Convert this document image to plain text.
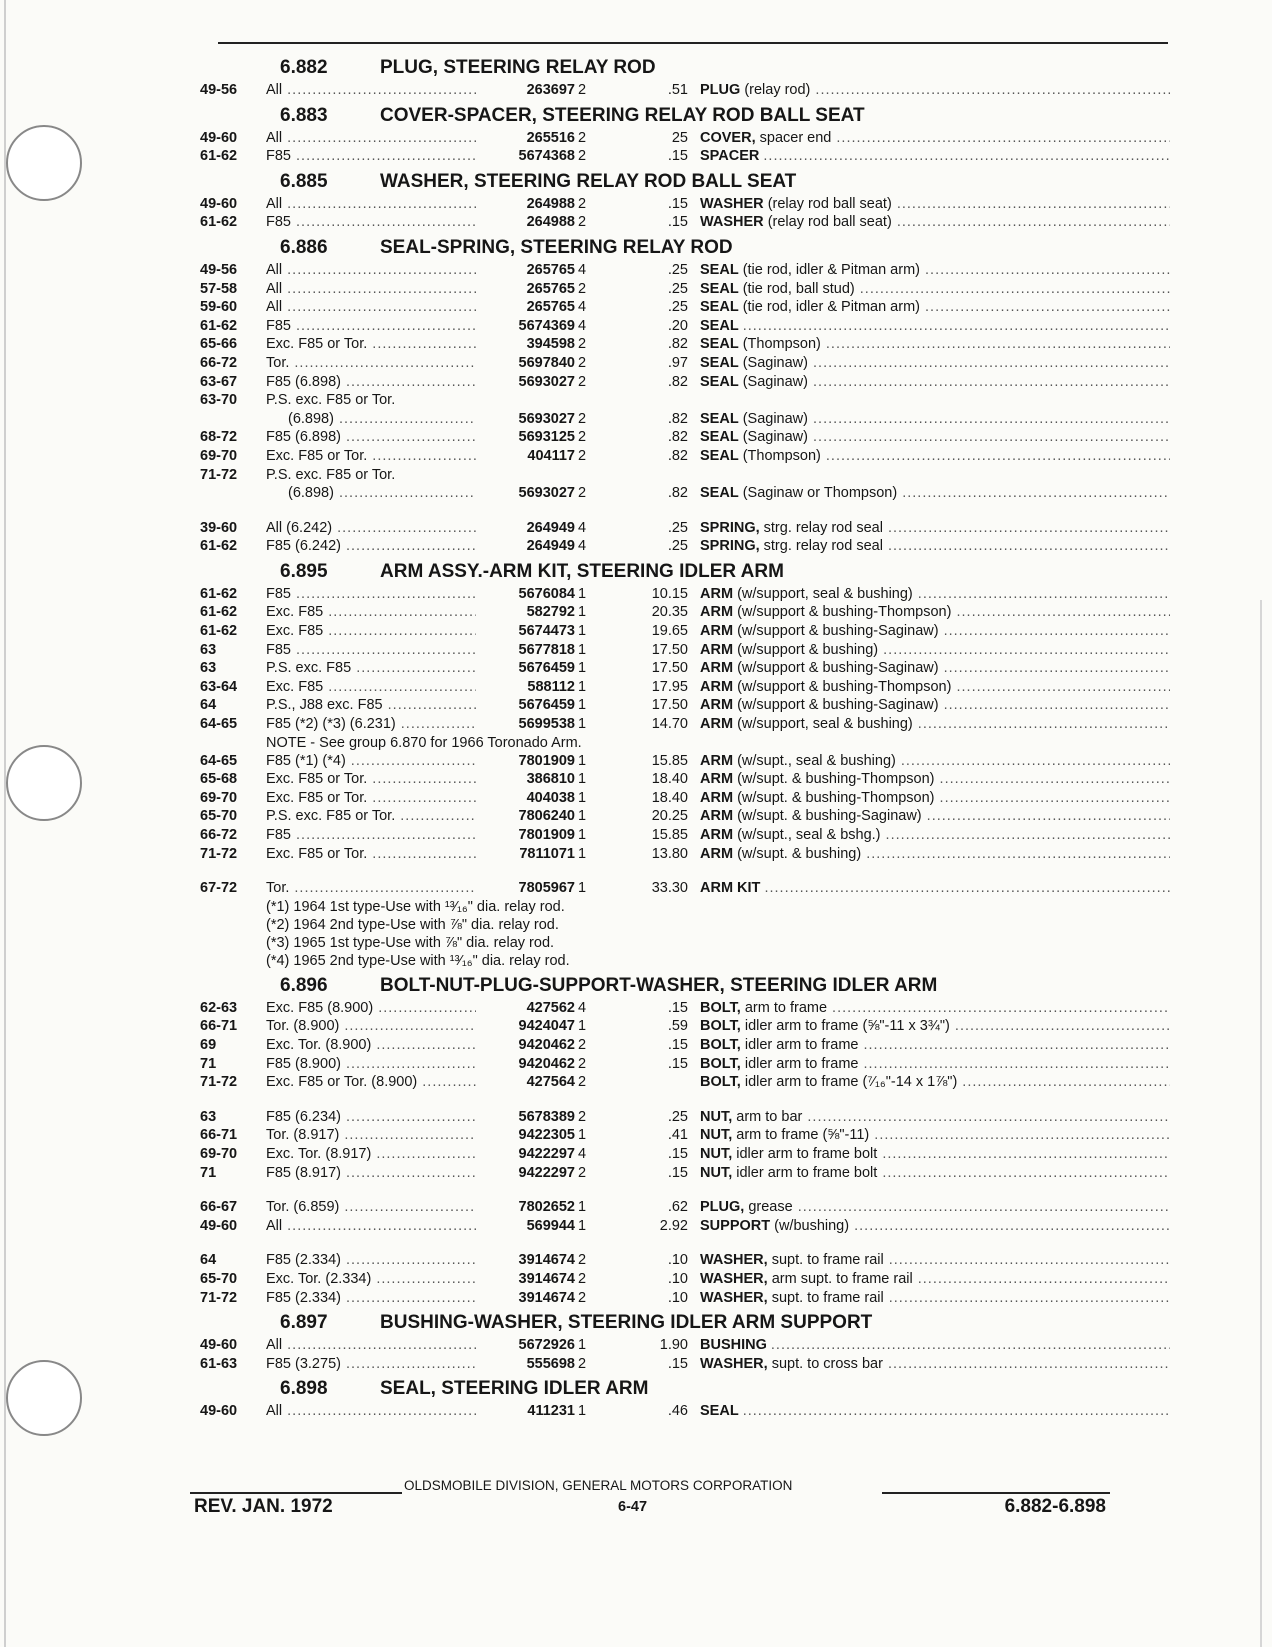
6.882	PLUG, STEERING RELAY ROD
49-56	All .....	263697 2	.51 PLUG (relay rod) .....
6.883	COVER-SPACER, STEERING RELAY ROD BALL SEAT
49-60	All .....	265516 2	25 COVER, spacer end .....
61-62	F85 .....	5674368 2	.15 SPACER .....
6.885	WASHER, STEERING RELAY ROD BALL SEAT
49-60	All .....	264988 2	.15 WASHER (relay rod ball seat) .....
61-62	F85 .....	264988 2	.15 WASHER (relay rod ball seat) .....
6.886	SEAL-SPRING, STEERING RELAY ROD
49-56	All .....	265765 4	.25 SEAL (tie rod, idler & Pitman arm) .....
57-58	All .....	265765 2	.25 SEAL (tie rod, ball stud) .....
59-60	All .....	265765 4	.25 SEAL (tie rod, idler & Pitman arm) .....
61-62	F85 .....	5674369 4	.20 SEAL .....
65-66	Exc. F85 or Tor. .....	394598 2	.82 SEAL (Thompson) .....
66-72	Tor. .....	5697840 2	.97 SEAL (Saginaw) .....
63-67	F85 (6.898) .....	5693027 2	.82 SEAL (Saginaw) .....
63-70	P.S. exc. F85 or Tor.
(6.898) .....	5693027 2	.82 SEAL (Saginaw) .....
68-72	F85 (6.898) .....	5693125 2	.82 SEAL (Saginaw) .....
69-70	Exc. F85 or Tor. .....	404117 2	.82 SEAL (Thompson) .....
71-72	P.S. exc. F85 or Tor.
(6.898) .....	5693027 2	.82 SEAL (Saginaw or Thompson) .....
39-60	All (6.242) .....	264949 4	.25 SPRING, strg. relay rod seal .....
61-62	F85 (6.242) .....	264949 4	.25 SPRING, strg. relay rod seal .....
6.895	ARM ASSY.-ARM KIT, STEERING IDLER ARM
61-62	F85 .....	5676084 1	10.15 ARM (w/support, seal & bushing) .....
61-62	Exc. F85 .....	582792 1	20.35 ARM (w/support & bushing-Thompson) .....
61-62	Exc. F85 .....	5674473 1	19.65 ARM (w/support & bushing-Saginaw) .....
63	F85 .....	5677818 1	17.50 ARM (w/support & bushing) .....
63	P.S. exc. F85 .....	5676459 1	17.50 ARM (w/support & bushing-Saginaw) .....
63-64	Exc. F85 .....	588112 1	17.95 ARM (w/support & bushing-Thompson) .....
64	P.S., J88 exc. F85 .....	5676459 1	17.50 ARM (w/support & bushing-Saginaw) .....
64-65	F85 (*2) (*3) (6.231) .....	5699538 1	14.70 ARM (w/support, seal & bushing) .....
NOTE - See group 6.870 for 1966 Toronado Arm.
64-65	F85 (*1) (*4) .....	7801909 1	15.85 ARM (w/supt., seal & bushing) .....
65-68	Exc. F85 or Tor. .....	386810 1	18.40 ARM (w/supt. & bushing-Thompson) .....
69-70	Exc. F85 or Tor. .....	404038 1	18.40 ARM (w/supt. & bushing-Thompson) .....
65-70	P.S. exc. F85 or Tor. .....	7806240 1	20.25 ARM (w/supt. & bushing-Saginaw) .....
66-72	F85 .....	7801909 1	15.85 ARM (w/supt., seal & bshg.) .....
71-72	Exc. F85 or Tor. .....	7811071 1	13.80 ARM (w/supt. & bushing) .....
67-72	Tor. .....	7805967 1	33.30 ARM KIT .....
(*1) 1964 1st type-Use with ¹³⁄₁₆" dia. relay rod.
(*2) 1964 2nd type-Use with ⅞" dia. relay rod.
(*3) 1965 1st type-Use with ⅞" dia. relay rod.
(*4) 1965 2nd type-Use with ¹³⁄₁₆" dia. relay rod.
6.896	BOLT-NUT-PLUG-SUPPORT-WASHER, STEERING IDLER ARM
62-63	Exc. F85 (8.900) .....	427562 4	.15 BOLT, arm to frame .....
66-71	Tor. (8.900) .....	9424047 1	.59 BOLT, idler arm to frame (⅝"-11 x 3¾") .....
69	Exc. Tor. (8.900) .....	9420462 2	.15 BOLT, idler arm to frame .....
71	F85 (8.900) .....	9420462 2	.15 BOLT, idler arm to frame .....
71-72	Exc. F85 or Tor. (8.900) .....	427564 2	BOLT, idler arm to frame (⁷⁄₁₆"-14 x 1⅞") .....
63	F85 (6.234) .....	5678389 2	.25 NUT, arm to bar .....
66-71	Tor. (8.917) .....	9422305 1	.41 NUT, arm to frame (⅝"-11) .....
69-70	Exc. Tor. (8.917) .....	9422297 4	.15 NUT, idler arm to frame bolt .....
71	F85 (8.917) .....	9422297 2	.15 NUT, idler arm to frame bolt .....
66-67	Tor. (6.859) .....	7802652 1	.62 PLUG, grease .....
49-60	All .....	569944 1	2.92 SUPPORT (w/bushing) .....
64	F85 (2.334) .....	3914674 2	.10 WASHER, supt. to frame rail .....
65-70	Exc. Tor. (2.334) .....	3914674 2	.10 WASHER, arm supt. to frame rail .....
71-72	F85 (2.334) .....	3914674 2	.10 WASHER, supt. to frame rail .....
6.897	BUSHING-WASHER, STEERING IDLER ARM SUPPORT
49-60	All .....	5672926 1	1.90 BUSHING .....
61-63	F85 (3.275) .....	555698 2	.15 WASHER, supt. to cross bar .....
6.898	SEAL, STEERING IDLER ARM
49-60	All .....	411231 1	.46 SEAL .....
OLDSMOBILE DIVISION, GENERAL MOTORS CORPORATION
REV. JAN. 1972	6-47	6.882-6.898
